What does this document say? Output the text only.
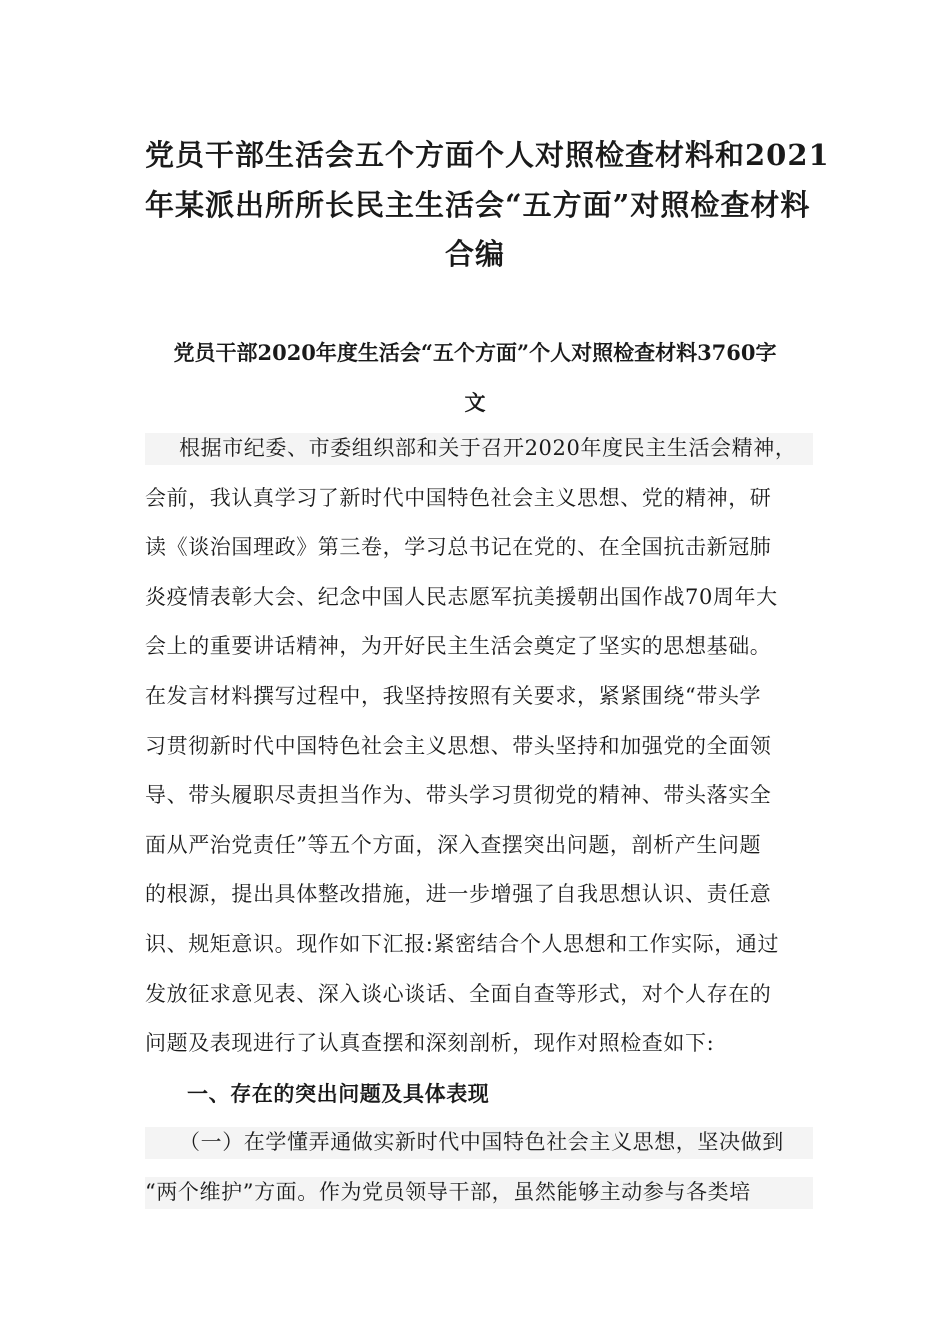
党员干部生活会五个方面个人对照检查材料和2021
年某派出所所长民主生活会“五方面”对照检查材料
合编
党员干部2020年度生活会“五个方面”个人对照检查材料3760字
文
根据市纪委、市委组织部和关于召开2020年度民主生活会精神，
会前，我认真学习了新时代中国特色社会主义思想、党的精神，研
读《谈治国理政》第三卷，学习总书记在党的、在全国抗击新冠肺
炎疫情表彰大会、纪念中国人民志愿军抗美援朝出国作战70周年大
会上的重要讲话精神，为开好民主生活会奠定了坚实的思想基础。
在发言材料撰写过程中，我坚持按照有关要求，紧紧围绕“带头学
习贯彻新时代中国特色社会主义思想、带头坚持和加强党的全面领
导、带头履职尽责担当作为、带头学习贯彻党的精神、带头落实全
面从严治党责任”等五个方面，深入查摆突出问题，剖析产生问题
的根源，提出具体整改措施，进一步增强了自我思想认识、责任意
识、规矩意识。现作如下汇报:紧密结合个人思想和工作实际，通过
发放征求意见表、深入谈心谈话、全面自查等形式，对个人存在的
问题及表现进行了认真查摆和深刻剖析，现作对照检查如下:
一、存在的突出问题及具体表现
（一）在学懂弄通做实新时代中国特色社会主义思想，坚决做到
“两个维护”方面。作为党员领导干部，虽然能够主动参与各类培
